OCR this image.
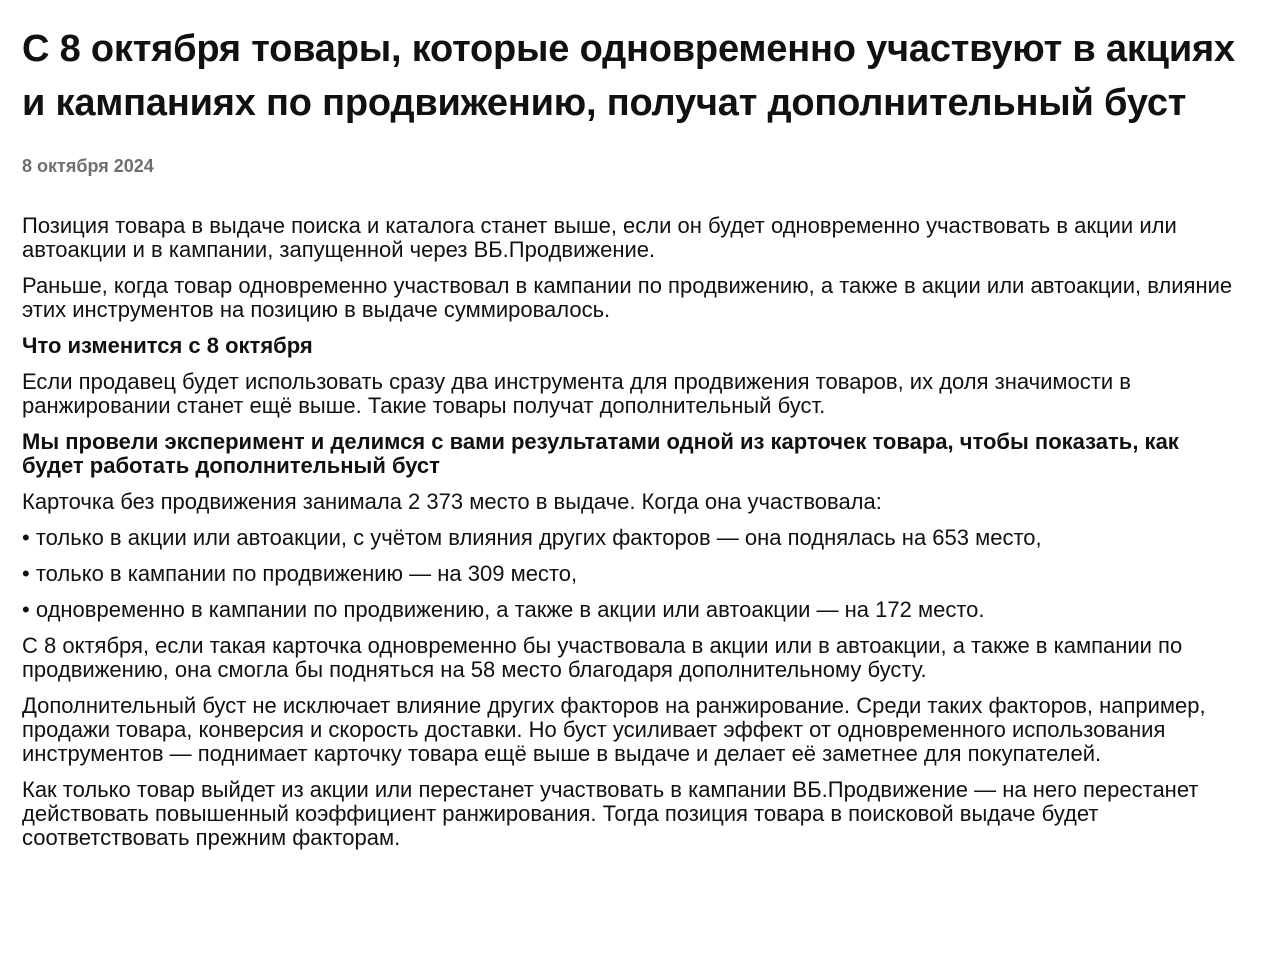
С 8 октября товары, которые одновременно участвуют в акциях и кампаниях по продвижению, получат дополнительный буст
8 октября 2024

Позиция товара в выдаче поиска и каталога станет выше, если он будет одновременно участвовать в акции или автоакции и в кампании, запущенной через ВБ.Продвижение.

Раньше, когда товар одновременно участвовал в кампании по продвижению, а также в акции или автоакции, влияние этих инструментов на позицию в выдаче суммировалось.

Что изменится с 8 октября

Если продавец будет использовать сразу два инструмента для продвижения товаров, их доля значимости в ранжировании станет ещё выше. Такие товары получат дополнительный буст.

Мы провели эксперимент и делимся с вами результатами одной из карточек товара, чтобы показать, как будет работать дополнительный буст

Карточка без продвижения занимала 2 373 место в выдаче. Когда она участвовала:

• только в акции или автоакции, с учётом влияния других факторов — она поднялась на 653 место,

• только в кампании по продвижению — на 309 место,

• одновременно в кампании по продвижению, а также в акции или автоакции — на 172 место.

С 8 октября, если такая карточка одновременно бы участвовала в акции или в автоакции, а также в кампании по продвижению, она смогла бы подняться на 58 место благодаря дополнительному бусту.

Дополнительный буст не исключает влияние других факторов на ранжирование. Среди таких факторов, например, продажи товара, конверсия и скорость доставки. Но буст усиливает эффект от одновременного использования инструментов — поднимает карточку товара ещё выше в выдаче и делает её заметнее для покупателей.

Как только товар выйдет из акции или перестанет участвовать в кампании ВБ.Продвижение — на него перестанет действовать повышенный коэффициент ранжирования. Тогда позиция товара в поисковой выдаче будет соответствовать прежним факторам.
